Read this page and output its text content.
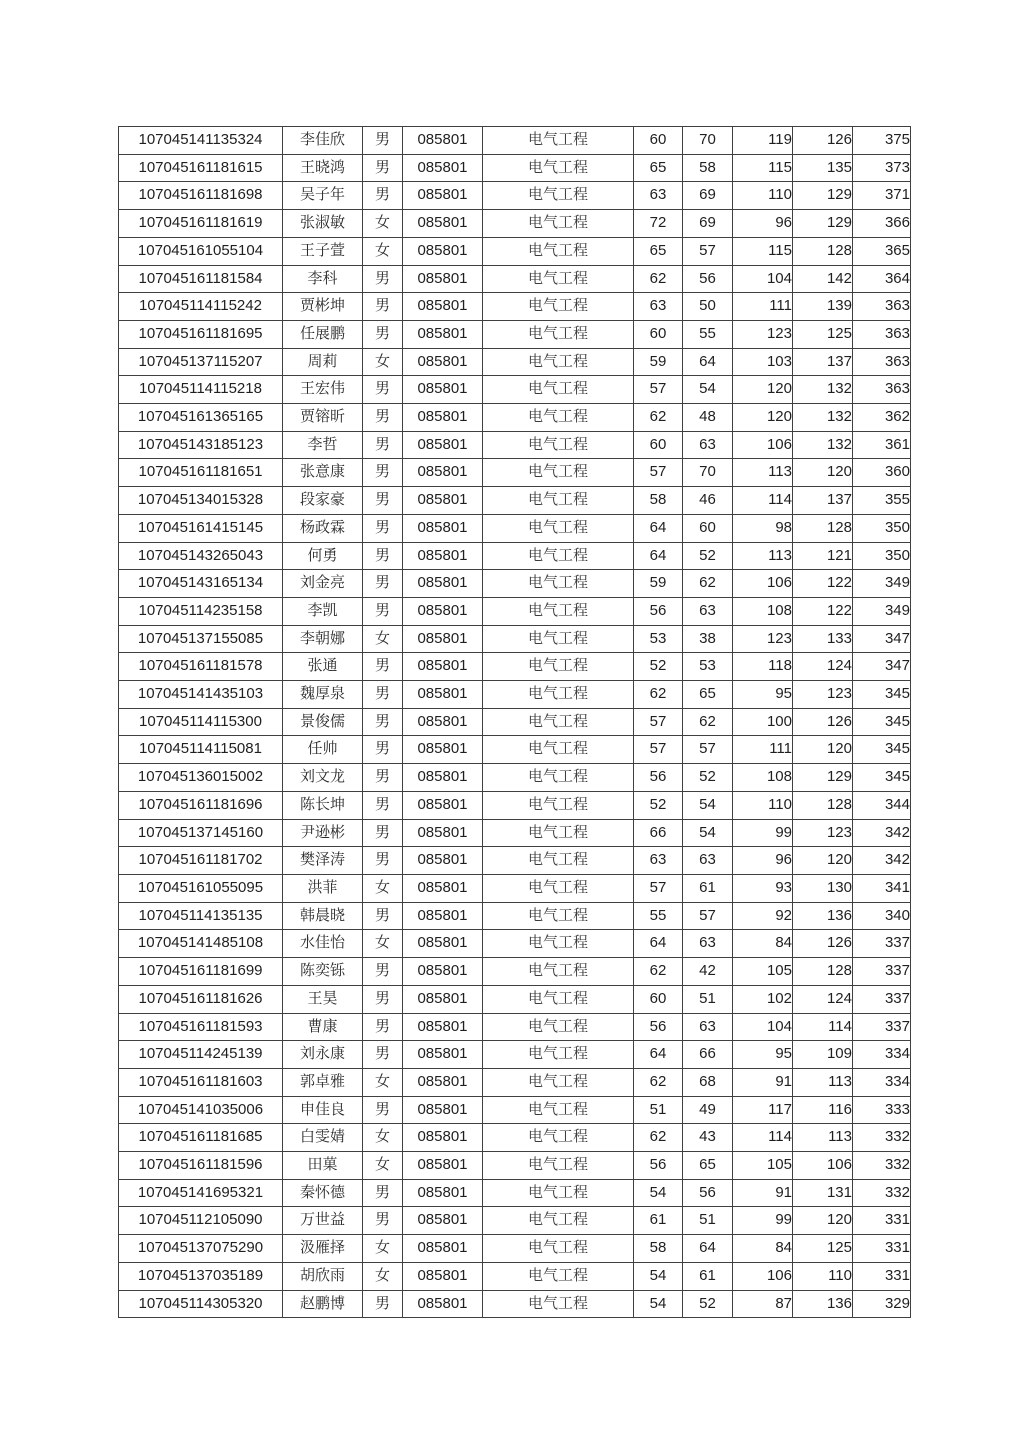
107045141135324	李佳欣	男	085801	电气工程	60	70	119	126	375
107045161181615	王晓鸿	男	085801	电气工程	65	58	115	135	373
107045161181698	吴子年	男	085801	电气工程	63	69	110	129	371
107045161181619	张淑敏	女	085801	电气工程	72	69	96	129	366
107045161055104	王子萱	女	085801	电气工程	65	57	115	128	365
107045161181584	李科	男	085801	电气工程	62	56	104	142	364
107045114115242	贾彬坤	男	085801	电气工程	63	50	111	139	363
107045161181695	任展鹏	男	085801	电气工程	60	55	123	125	363
107045137115207	周莉	女	085801	电气工程	59	64	103	137	363
107045114115218	王宏伟	男	085801	电气工程	57	54	120	132	363
107045161365165	贾镕昕	男	085801	电气工程	62	48	120	132	362
107045143185123	李哲	男	085801	电气工程	60	63	106	132	361
107045161181651	张意康	男	085801	电气工程	57	70	113	120	360
107045134015328	段家豪	男	085801	电气工程	58	46	114	137	355
107045161415145	杨政霖	男	085801	电气工程	64	60	98	128	350
107045143265043	何勇	男	085801	电气工程	64	52	113	121	350
107045143165134	刘金亮	男	085801	电气工程	59	62	106	122	349
107045114235158	李凯	男	085801	电气工程	56	63	108	122	349
107045137155085	李朝娜	女	085801	电气工程	53	38	123	133	347
107045161181578	张通	男	085801	电气工程	52	53	118	124	347
107045141435103	魏厚泉	男	085801	电气工程	62	65	95	123	345
107045114115300	景俊儒	男	085801	电气工程	57	62	100	126	345
107045114115081	任帅	男	085801	电气工程	57	57	111	120	345
107045136015002	刘文龙	男	085801	电气工程	56	52	108	129	345
107045161181696	陈长坤	男	085801	电气工程	52	54	110	128	344
107045137145160	尹逊彬	男	085801	电气工程	66	54	99	123	342
107045161181702	樊泽涛	男	085801	电气工程	63	63	96	120	342
107045161055095	洪菲	女	085801	电气工程	57	61	93	130	341
107045114135135	韩晨晓	男	085801	电气工程	55	57	92	136	340
107045141485108	水佳怡	女	085801	电气工程	64	63	84	126	337
107045161181699	陈奕铄	男	085801	电气工程	62	42	105	128	337
107045161181626	王昊	男	085801	电气工程	60	51	102	124	337
107045161181593	曹康	男	085801	电气工程	56	63	104	114	337
107045114245139	刘永康	男	085801	电气工程	64	66	95	109	334
107045161181603	郭卓雅	女	085801	电气工程	62	68	91	113	334
107045141035006	申佳良	男	085801	电气工程	51	49	117	116	333
107045161181685	白雯婧	女	085801	电气工程	62	43	114	113	332
107045161181596	田菓	女	085801	电气工程	56	65	105	106	332
107045141695321	秦怀德	男	085801	电气工程	54	56	91	131	332
107045112105090	万世益	男	085801	电气工程	61	51	99	120	331
107045137075290	汲雁择	女	085801	电气工程	58	64	84	125	331
107045137035189	胡欣雨	女	085801	电气工程	54	61	106	110	331
107045114305320	赵鹏博	男	085801	电气工程	54	52	87	136	329
